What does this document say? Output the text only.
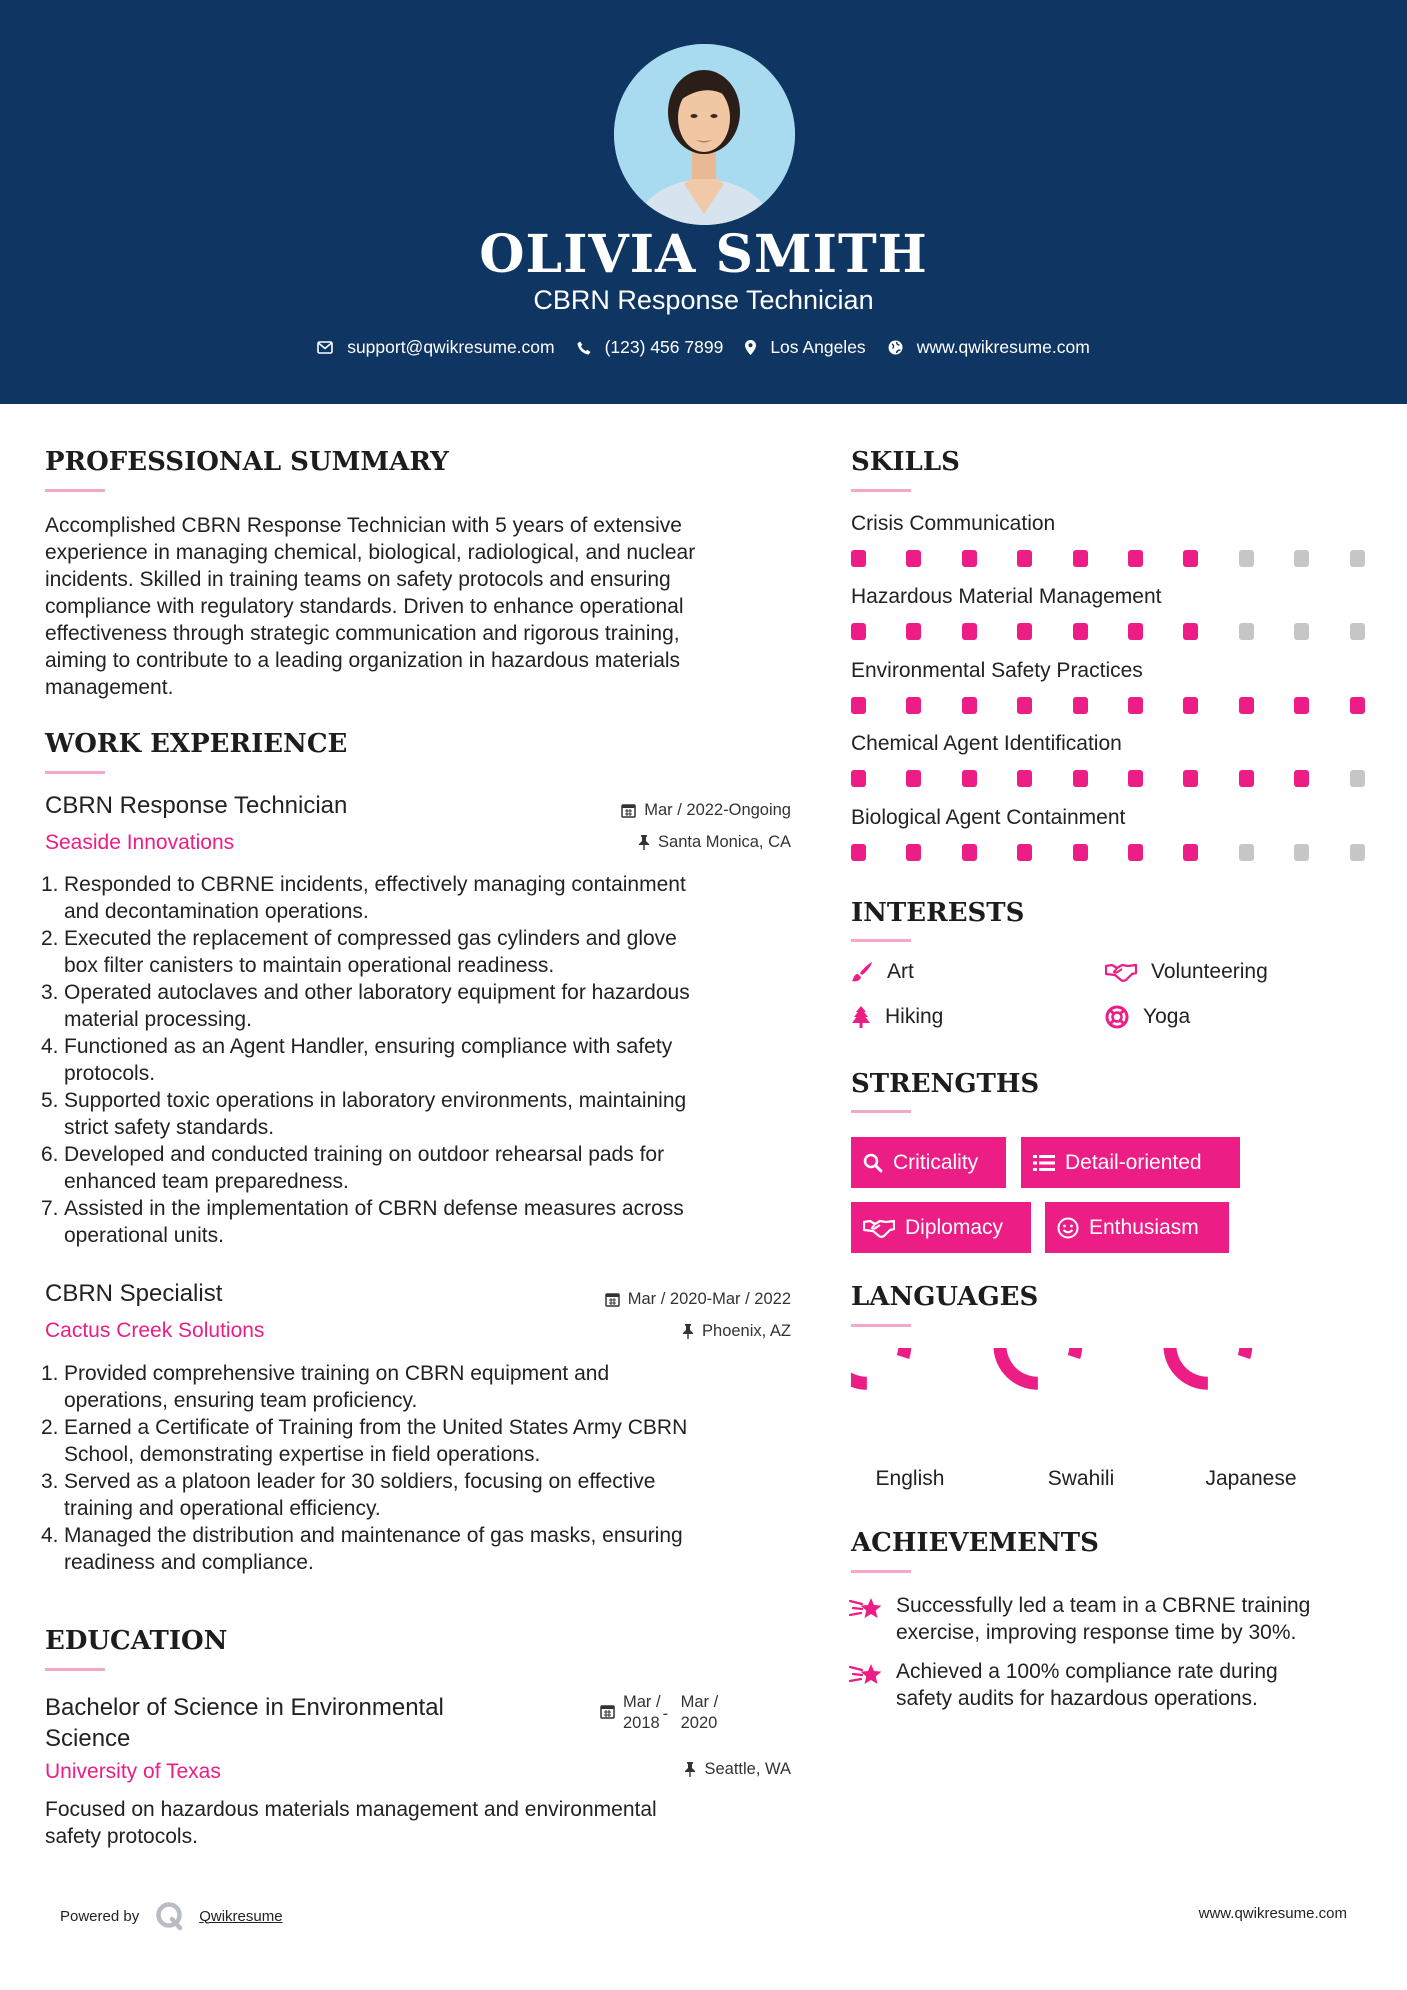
OLIVIA SMITH
CBRN Response Technician
support@qwikresume.com	(123) 456 7899	Los Angeles	www.qwikresume.com
PROFESSIONAL SUMMARY
Accomplished CBRN Response Technician with 5 years of extensive
experience in managing chemical, biological, radiological, and nuclear
incidents. Skilled in training teams on safety protocols and ensuring
compliance with regulatory standards. Driven to enhance operational
effectiveness through strategic communication and rigorous training,
aiming to contribute to a leading organization in hazardous materials
management.
WORK EXPERIENCE
CBRN Response Technician
Seaside Innovations
Mar / 2022-Ongoing
Santa Monica, CA
1. Responded to CBRNE incidents, effectively managing containment
and decontamination operations.
2. Executed the replacement of compressed gas cylinders and glove
box filter canisters to maintain operational readiness.
3. Operated autoclaves and other laboratory equipment for hazardous
material processing.
4. Functioned as an Agent Handler, ensuring compliance with safety
protocols.
5. Supported toxic operations in laboratory environments, maintaining
strict safety standards.
6. Developed and conducted training on outdoor rehearsal pads for
enhanced team preparedness.
7. Assisted in the implementation of CBRN defense measures across
operational units.
CBRN Specialist
Cactus Creek Solutions
Mar / 2020-Mar / 2022
Phoenix, AZ
1. Provided comprehensive training on CBRN equipment and
operations, ensuring team proficiency.
2. Earned a Certificate of Training from the United States Army CBRN
School, demonstrating expertise in field operations.
3. Served as a platoon leader for 30 soldiers, focusing on effective
training and operational efficiency.
4. Managed the distribution and maintenance of gas masks, ensuring
readiness and compliance.
EDUCATION
Bachelor of Science in Environmental
Science
Mar /
2018 -
Mar /
2020
University of Texas	Seattle, WA
Focused on hazardous materials management and environmental
safety protocols.
SKILLS
Crisis Communication
Hazardous Material Management
Environmental Safety Practices
Chemical Agent Identification
Biological Agent Containment
INTERESTS
Art	Volunteering
Hiking	Yoga
STRENGTHS
Criticality	Detail-oriented
Diplomacy	Enthusiasm
LANGUAGES
English	Swahili	Japanese
ACHIEVEMENTS
Successfully led a team in a CBRNE training
exercise, improving response time by 30%.
Achieved a 100% compliance rate during
safety audits for hazardous operations.
Powered by	Qwikresume	www.qwikresume.com
